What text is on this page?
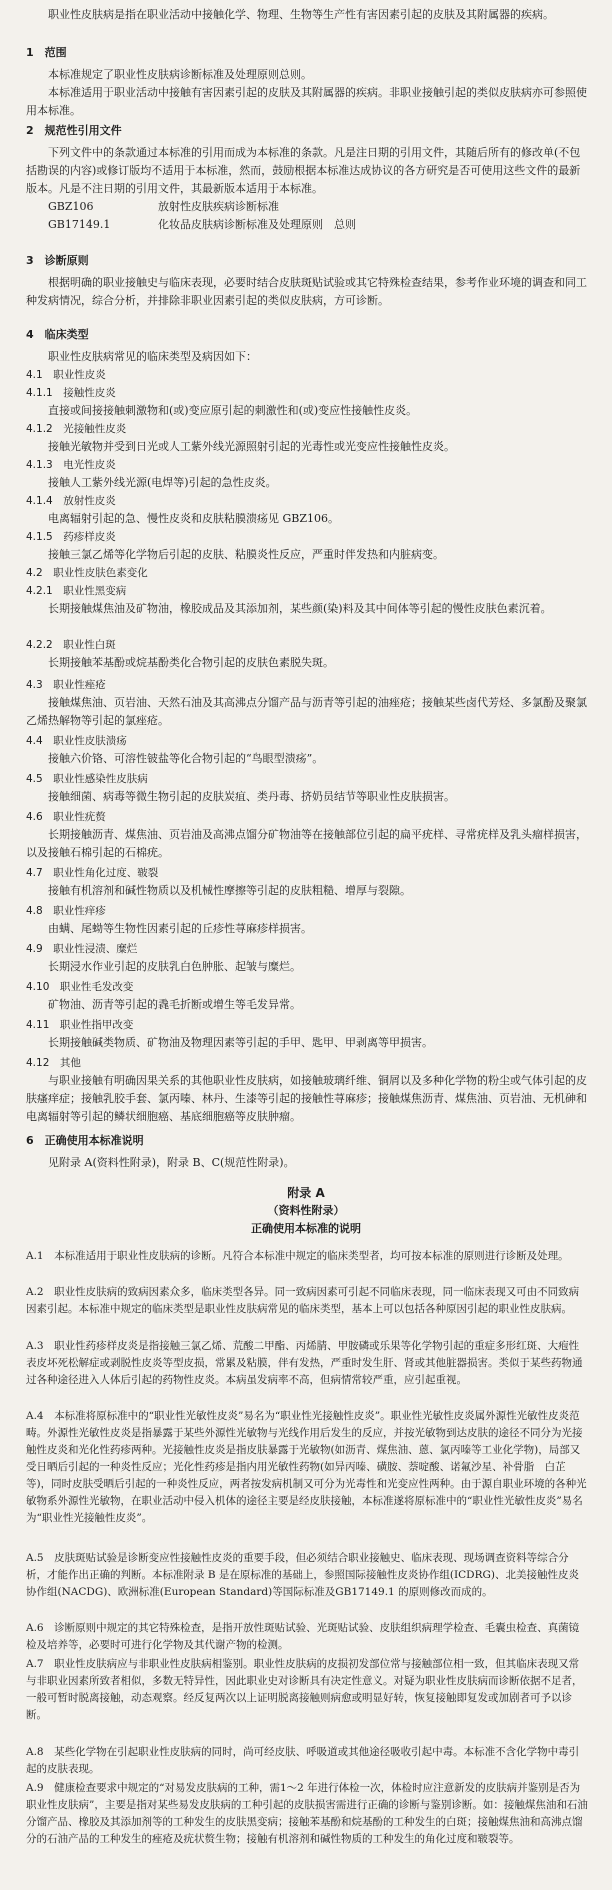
职业性皮肤病是指在职业活动中接触化学、物理、生物等生产性有害因素引起的皮肤及其附属器的疾病。

1　范围

本标准规定了职业性皮肤病诊断标准及处理原则总则。

本标准适用于职业活动中接触有害因素引起的皮肤及其附属器的疾病。非职业接触引起的类似皮肤病亦可参照使用本标准。

2　规范性引用文件

下列文件中的条款通过本标准的引用而成为本标准的条款。凡是注日期的引用文件，其随后所有的修改单(不包括勘误的内容)或修订版均不适用于本标准，然而，鼓励根据本标准达成协议的各方研究是否可使用这些文件的最新版本。凡是不注日期的引用文件，其最新版本适用于本标准。

GBZ106	放射性皮肤疾病诊断标准
GB17149.1	化妆品皮肤病诊断标准及处理原则　总则

3　诊断原则

根据明确的职业接触史与临床表现，必要时结合皮肤斑贴试验或其它特殊检查结果，参考作业环境的调查和同工种发病情况，综合分析，并排除非职业因素引起的类似皮肤病，方可诊断。

4　临床类型

职业性皮肤病常见的临床类型及病因如下：

4.1　职业性皮炎

4.1.1　接触性皮炎

直接或间接接触刺激物和(或)变应原引起的刺激性和(或)变应性接触性皮炎。

4.1.2　光接触性皮炎

接触光敏物并受到日光或人工紫外线光源照射引起的光毒性或光变应性接触性皮炎。

4.1.3　电光性皮炎

接触人工紫外线光源(电焊等)引起的急性皮炎。

4.1.4　放射性皮炎

电离辐射引起的急、慢性皮炎和皮肤粘膜溃疡见 GBZ106。

4.1.5　药疹样皮炎

接触三氯乙烯等化学物后引起的皮肤、粘膜炎性反应，严重时伴发热和内脏病变。

4.2　职业性皮肤色素变化

4.2.1　职业性黑变病

长期接触煤焦油及矿物油，橡胶成品及其添加剂，某些颜(染)料及其中间体等引起的慢性皮肤色素沉着。

4.2.2　职业性白斑

长期接触苯基酚或烷基酚类化合物引起的皮肤色素脱失斑。

4.3　职业性痤疮

接触煤焦油、页岩油、天然石油及其高沸点分馏产品与沥青等引起的油痤疮；接触某些卤代芳烃、多氯酚及聚氯乙烯热解物等引起的氯痤疮。

4.4　职业性皮肤溃疡

接触六价铬、可溶性铍盐等化合物引起的“鸟眼型溃疡”。

4.5　职业性感染性皮肤病

接触细菌、病毒等微生物引起的皮肤炭疽、类丹毒、挤奶员结节等职业性皮肤损害。

4.6　职业性疣赘

长期接触沥青、煤焦油、页岩油及高沸点馏分矿物油等在接触部位引起的扁平疣样、寻常疣样及乳头瘤样损害，以及接触石棉引起的石棉疣。

4.7　职业性角化过度、皲裂

接触有机溶剂和碱性物质以及机械性摩擦等引起的皮肤粗糙、增厚与裂隙。

4.8　职业性痒疹

由螨、尾蚴等生物性因素引起的丘疹性荨麻疹样损害。

4.9　职业性浸渍、糜烂

长期浸水作业引起的皮肤乳白色肿胀、起皱与糜烂。

4.10　职业性毛发改变

矿物油、沥青等引起的毳毛折断或增生等毛发异常。

4.11　职业性指甲改变

长期接触碱类物质、矿物油及物理因素等引起的手甲、匙甲、甲剥离等甲损害。

4.12　其他

与职业接触有明确因果关系的其他职业性皮肤病，如接触玻璃纤维、铜屑以及多种化学物的粉尘或气体引起的皮肤瘙痒症；接触乳胶手套、氯丙嗪、林丹、生漆等引起的接触性荨麻疹；接触煤焦沥青、煤焦油、页岩油、无机砷和电离辐射等引起的鳞状细胞癌、基底细胞癌等皮肤肿瘤。

6　正确使用本标准说明

见附录 A(资料性附录)，附录 B、C(规范性附录)。

附录 A

（资料性附录）

正确使用本标准的说明

A.1　本标准适用于职业性皮肤病的诊断。凡符合本标准中规定的临床类型者，均可按本标准的原则进行诊断及处理。

A.2　职业性皮肤病的致病因素众多，临床类型各异。同一致病因素可引起不同临床表现，同一临床表现又可由不同致病因素引起。本标准中规定的临床类型是职业性皮肤病常见的临床类型，基本上可以包括各种原因引起的职业性皮肤病。

A.3　职业性药疹样皮炎是指接触三氯乙烯、荒酸二甲酯、丙烯腈、甲胺磷或乐果等化学物引起的重症多形红斑、大疱性表皮坏死松解症或剥脱性皮炎等型皮损，常累及粘膜，伴有发热，严重时发生肝、肾或其他脏器损害。类似于某些药物通过各种途径进入人体后引起的药物性皮炎。本病虽发病率不高，但病情常较严重，应引起重视。

A.4　本标准将原标准中的“职业性光敏性皮炎”易名为“职业性光接触性皮炎”。职业性光敏性皮炎属外源性光敏性皮炎范畴。外源性光敏性皮炎是指暴露于某些外源性光敏物与光线作用后发生的反应，并按光敏物到达皮肤的途径不同分为光接触性皮炎和光化性药疹两种。光接触性皮炎是指皮肤暴露于光敏物(如沥青、煤焦油、蒽、氯丙嗪等工业化学物)，局部又受日晒后引起的一种炎性反应；光化性药疹是指内用光敏性药物(如异丙嗪、磺胺、萘啶酸、诺氟沙星、补骨脂　白芷等)，同时皮肤受晒后引起的一种炎性反应，两者按发病机制又可分为光毒性和光变应性两种。由于源自职业环境的各种光敏物系外源性光敏物，在职业活动中侵入机体的途径主要是经皮肤接触，本标准遂将原标准中的“职业性光敏性皮炎”易名为“职业性光接触性皮炎”。

A.5　皮肤斑贴试验是诊断变应性接触性皮炎的重要手段，但必须结合职业接触史、临床表现、现场调查资料等综合分析，才能作出正确的判断。本标准附录 B 是在原标准的基础上，参照国际接触性皮炎协作组(ICDRG)、北美接触性皮炎协作组(NACDG)、欧洲标准(European Standard)等国际标准及GB17149.1 的原则修改而成的。

A.6　诊断原则中规定的其它特殊检查，是指开放性斑贴试验、光斑贴试验、皮肤组织病理学检查、毛囊虫检查、真菌镜检及培养等，必要时可进行化学物及其代谢产物的检测。

A.7　职业性皮肤病应与非职业性皮肤病相鉴别。职业性皮肤病的皮损初发部位常与接触部位相一致，但其临床表现又常与非职业因素所致者相似，多数无特异性，因此职业史对诊断具有决定性意义。对疑为职业性皮肤病而诊断依据不足者，一般可暂时脱离接触，动态观察。经反复两次以上证明脱离接触则病愈或明显好转，恢复接触即复发或加剧者可予以诊断。

A.8　某些化学物在引起职业性皮肤病的同时，尚可经皮肤、呼吸道或其他途径吸收引起中毒。本标准不含化学物中毒引起的皮肤表现。

A.9　健康检查要求中规定的“对易发皮肤病的工种，需1～2 年进行体检一次，体检时应注意新发的皮肤病并鉴别是否为职业性皮肤病”，主要是指对某些易发皮肤病的工种引起的皮肤损害需进行正确的诊断与鉴别诊断。如：接触煤焦油和石油分馏产品、橡胶及其添加剂等的工种发生的皮肤黑变病；接触苯基酚和烷基酚的工种发生的白斑；接触煤焦油和高沸点馏分的石油产品的工种发生的痤疮及疣状赘生物；接触有机溶剂和碱性物质的工种发生的角化过度和皲裂等。
